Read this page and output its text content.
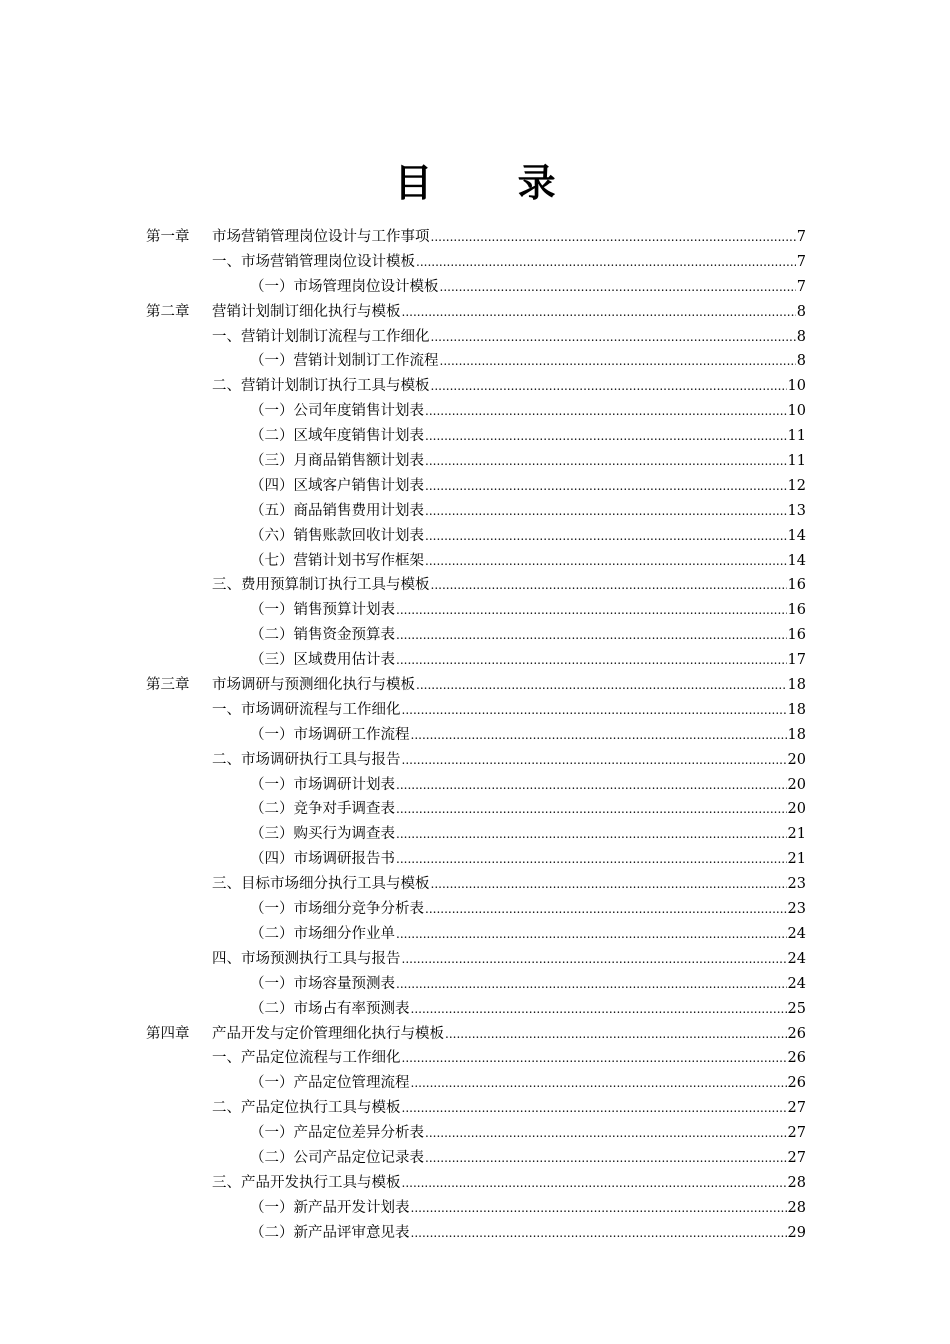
目 录
第一章 市场营销管理岗位设计与工作事项 .....	7
一、市场营销管理岗位设计模板 .....	7
（一）市场管理岗位设计模板 .....	7
第二章 营销计划制订细化执行与模板 .....	8
一、营销计划制订流程与工作细化 .....	8
（一）营销计划制订工作流程 .....	8
二、营销计划制订执行工具与模板 .....	10
（一）公司年度销售计划表 .....	10
（二）区域年度销售计划表 .....	11
（三）月商品销售额计划表 .....	11
（四）区域客户销售计划表 .....	12
（五）商品销售费用计划表 .....	13
（六）销售账款回收计划表 .....	14
（七）营销计划书写作框架 .....	14
三、费用预算制订执行工具与模板 .....	16
（一）销售预算计划表 .....	16
（二）销售资金预算表 .....	16
（三）区域费用估计表 .....	17
第三章 市场调研与预测细化执行与模板 .....	18
一、市场调研流程与工作细化 .....	18
（一）市场调研工作流程 .....	18
二、市场调研执行工具与报告 .....	20
（一）市场调研计划表 .....	20
（二）竞争对手调查表 .....	20
（三）购买行为调查表 .....	21
（四）市场调研报告书 .....	21
三、目标市场细分执行工具与模板 .....	23
（一）市场细分竞争分析表 .....	23
（二）市场细分作业单 .....	24
四、市场预测执行工具与报告 .....	24
（一）市场容量预测表 .....	24
（二）市场占有率预测表 .....	25
第四章 产品开发与定价管理细化执行与模板 .....	26
一、产品定位流程与工作细化 .....	26
（一）产品定位管理流程 .....	26
二、产品定位执行工具与模板 .....	27
（一）产品定位差异分析表 .....	27
（二）公司产品定位记录表 .....	27
三、产品开发执行工具与模板 .....	28
（一）新产品开发计划表 .....	28
（二）新产品评审意见表 .....	29
